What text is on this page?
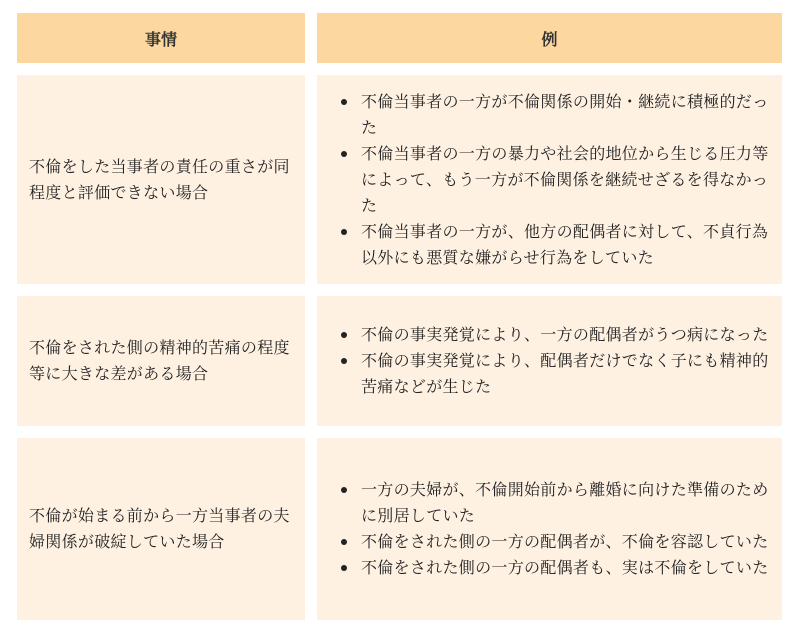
事情	例

不倫をした当事者の責任の重さが同程度と評価できない場合

不倫当事者の一方が不倫関係の開始・継続に積極的だった
不倫当事者の一方の暴力や社会的地位から生じる圧力等によって、もう一方が不倫関係を継続せざるを得なかった
不倫当事者の一方が、他方の配偶者に対して、不貞行為以外にも悪質な嫌がらせ行為をしていた

不倫をされた側の精神的苦痛の程度等に大きな差がある場合

不倫の事実発覚により、一方の配偶者がうつ病になった
不倫の事実発覚により、配偶者だけでなく子にも精神的苦痛などが生じた

不倫が始まる前から一方当事者の夫婦関係が破綻していた場合

一方の夫婦が、不倫開始前から離婚に向けた準備のために別居していた
不倫をされた側の一方の配偶者が、不倫を容認していた
不倫をされた側の一方の配偶者も、実は不倫をしていた
